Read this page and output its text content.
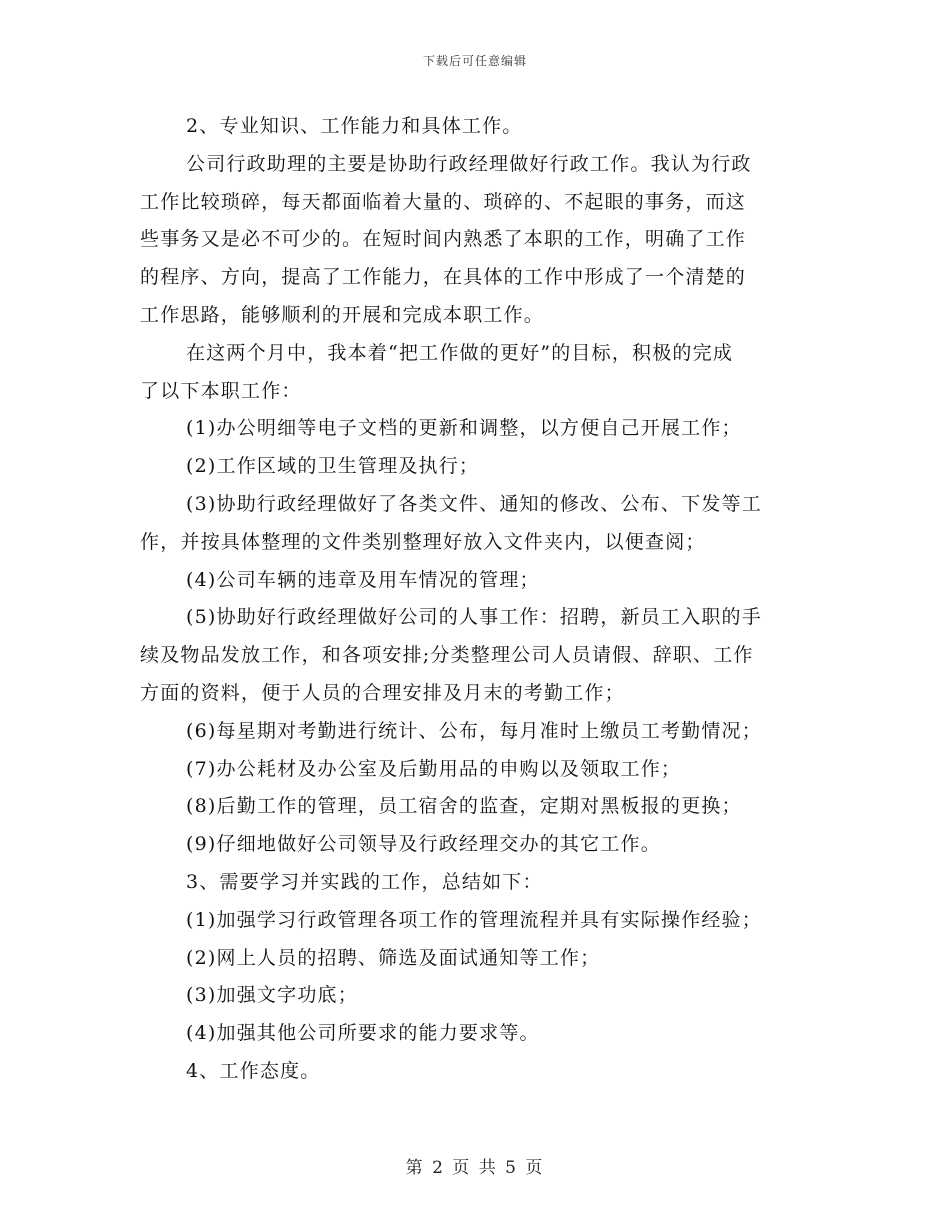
下载后可任意编辑
2、专业知识、工作能力和具体工作。
公司行政助理的主要是协助行政经理做好行政工作。我认为行政
工作比较琐碎，每天都面临着大量的、琐碎的、不起眼的事务，而这
些事务又是必不可少的。在短时间内熟悉了本职的工作，明确了工作
的程序、方向，提高了工作能力，在具体的工作中形成了一个清楚的
工作思路，能够顺利的开展和完成本职工作。
在这两个月中，我本着“把工作做的更好”的目标，积极的完成
了以下本职工作：
(1)办公明细等电子文档的更新和调整，以方便自己开展工作；
(2)工作区域的卫生管理及执行；
(3)协助行政经理做好了各类文件、通知的修改、公布、下发等工
作，并按具体整理的文件类别整理好放入文件夹内，以便查阅；
(4)公司车辆的违章及用车情况的管理；
(5)协助好行政经理做好公司的人事工作：招聘，新员工入职的手
续及物品发放工作，和各项安排;分类整理公司人员请假、辞职、工作
方面的资料，便于人员的合理安排及月末的考勤工作；
(6)每星期对考勤进行统计、公布，每月准时上缴员工考勤情况；
(7)办公耗材及办公室及后勤用品的申购以及领取工作；
(8)后勤工作的管理，员工宿舍的监查，定期对黑板报的更换；
(9)仔细地做好公司领导及行政经理交办的其它工作。
3、需要学习并实践的工作，总结如下：
(1)加强学习行政管理各项工作的管理流程并具有实际操作经验；
(2)网上人员的招聘、筛选及面试通知等工作；
(3)加强文字功底；
(4)加强其他公司所要求的能力要求等。
4、工作态度。
第 2 页 共 5 页
